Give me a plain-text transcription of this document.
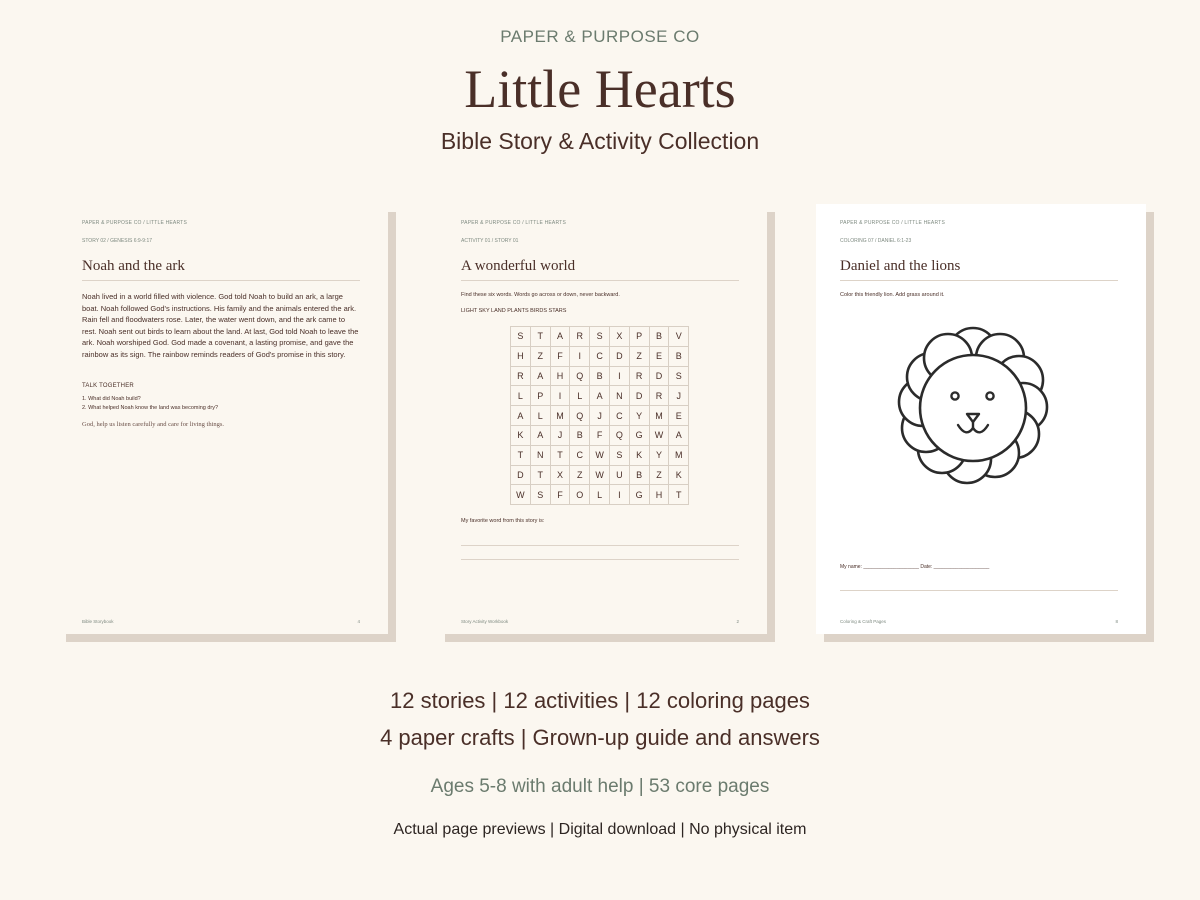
PAPER & PURPOSE CO
Little Hearts
Bible Story & Activity Collection
PAPER & PURPOSE CO / LITTLE HEARTS
STORY 02 / GENESIS 6:9-9:17
Noah and the ark
Noah lived in a world filled with violence. God told Noah to build an ark, a large boat. Noah followed God's instructions. His family and the animals entered the ark. Rain fell and floodwaters rose. Later, the water went down, and the ark came to rest. Noah sent out birds to learn about the land. At last, God told Noah to leave the ark. Noah worshiped God. God made a covenant, a lasting promise, and gave the rainbow as its sign. The rainbow reminds readers of God's promise in this story.
TALK TOGETHER
1. What did Noah build?
2. What helped Noah know the land was becoming dry?
God, help us listen carefully and care for living things.
Bible Storybook	4
PAPER & PURPOSE CO / LITTLE HEARTS
ACTIVITY 01 / STORY 01
A wonderful world
Find these six words. Words go across or down, never backward.
LIGHT SKY LAND PLANTS BIRDS STARS
S	T	A	R	S	X	P	B	V
H	Z	F	I	C	D	Z	E	B
R	A	H	Q	B	I	R	D	S
L	P	I	L	A	N	D	R	J
A	L	M	Q	J	C	Y	M	E
K	A	J	B	F	Q	G	W	A
T	N	T	C	W	S	K	Y	M
D	T	X	Z	W	U	B	Z	K
W	S	F	O	L	I	G	H	T
My favorite word from this story is:
Story Activity Workbook	2
PAPER & PURPOSE CO / LITTLE HEARTS
COLORING 07 / DANIEL 6:1-23
Daniel and the lions
Color this friendly lion. Add grass around it.
My name: ____________________ Date: ____________________
Coloring & Craft Pages	8
12 stories | 12 activities | 12 coloring pages
4 paper crafts | Grown-up guide and answers
Ages 5-8 with adult help | 53 core pages
Actual page previews | Digital download | No physical item
